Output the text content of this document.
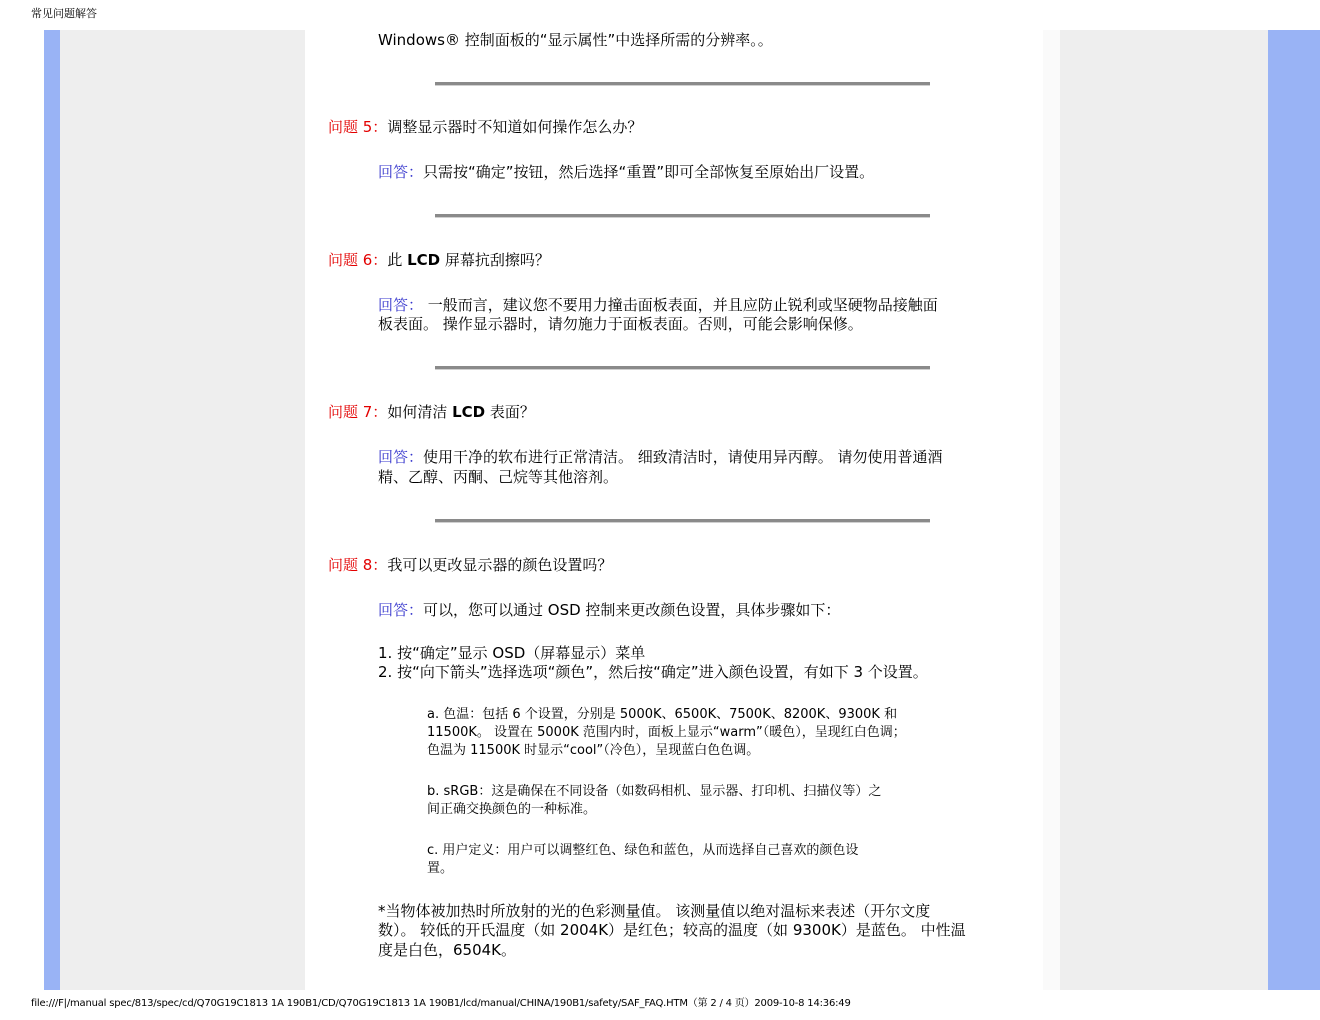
常见问题解答
Windows® 控制面板的“显示属性”中选择所需的分辨率。。
问题 5：调整显示器时不知道如何操作怎么办？
回答：只需按“确定”按钮，然后选择“重置”即可全部恢复至原始出厂设置。
问题 6：此 LCD 屏幕抗刮擦吗？
回答： 一般而言，建议您不要用力撞击面板表面，并且应防止锐利或坚硬物品接触面
板表面。 操作显示器时，请勿施力于面板表面。否则，可能会影响保修。
问题 7：如何清洁 LCD 表面？
回答：使用干净的软布进行正常清洁。 细致清洁时，请使用异丙醇。 请勿使用普通酒
精、乙醇、丙酮、己烷等其他溶剂。
问题 8：我可以更改显示器的颜色设置吗？
回答：可以，您可以通过 OSD 控制来更改颜色设置，具体步骤如下：
1. 按“确定”显示 OSD（屏幕显示）菜单
2. 按“向下箭头”选择选项“颜色”，然后按“确定”进入颜色设置，有如下 3 个设置。
a. 色温：包括 6 个设置，分别是 5000K、6500K、7500K、8200K、9300K 和
11500K。 设置在 5000K 范围内时，面板上显示“warm”（暖色），呈现红白色调；
色温为 11500K 时显示“cool”（冷色），呈现蓝白色色调。
b. sRGB：这是确保在不同设备（如数码相机、显示器、打印机、扫描仪等）之
间正确交换颜色的一种标准。
c. 用户定义：用户可以调整红色、绿色和蓝色，从而选择自己喜欢的颜色设
置。
*当物体被加热时所放射的光的色彩测量值。 该测量值以绝对温标来表述（开尔文度
数）。 较低的开氏温度（如 2004K）是红色；较高的温度（如 9300K）是蓝色。 中性温
度是白色，6504K。
file:///F|/manual spec/813/spec/cd/Q70G19C1813 1A 190B1/CD/Q70G19C1813 1A 190B1/lcd/manual/CHINA/190B1/safety/SAF_FAQ.HTM（第 2 / 4 页）2009-10-8 14:36:49
